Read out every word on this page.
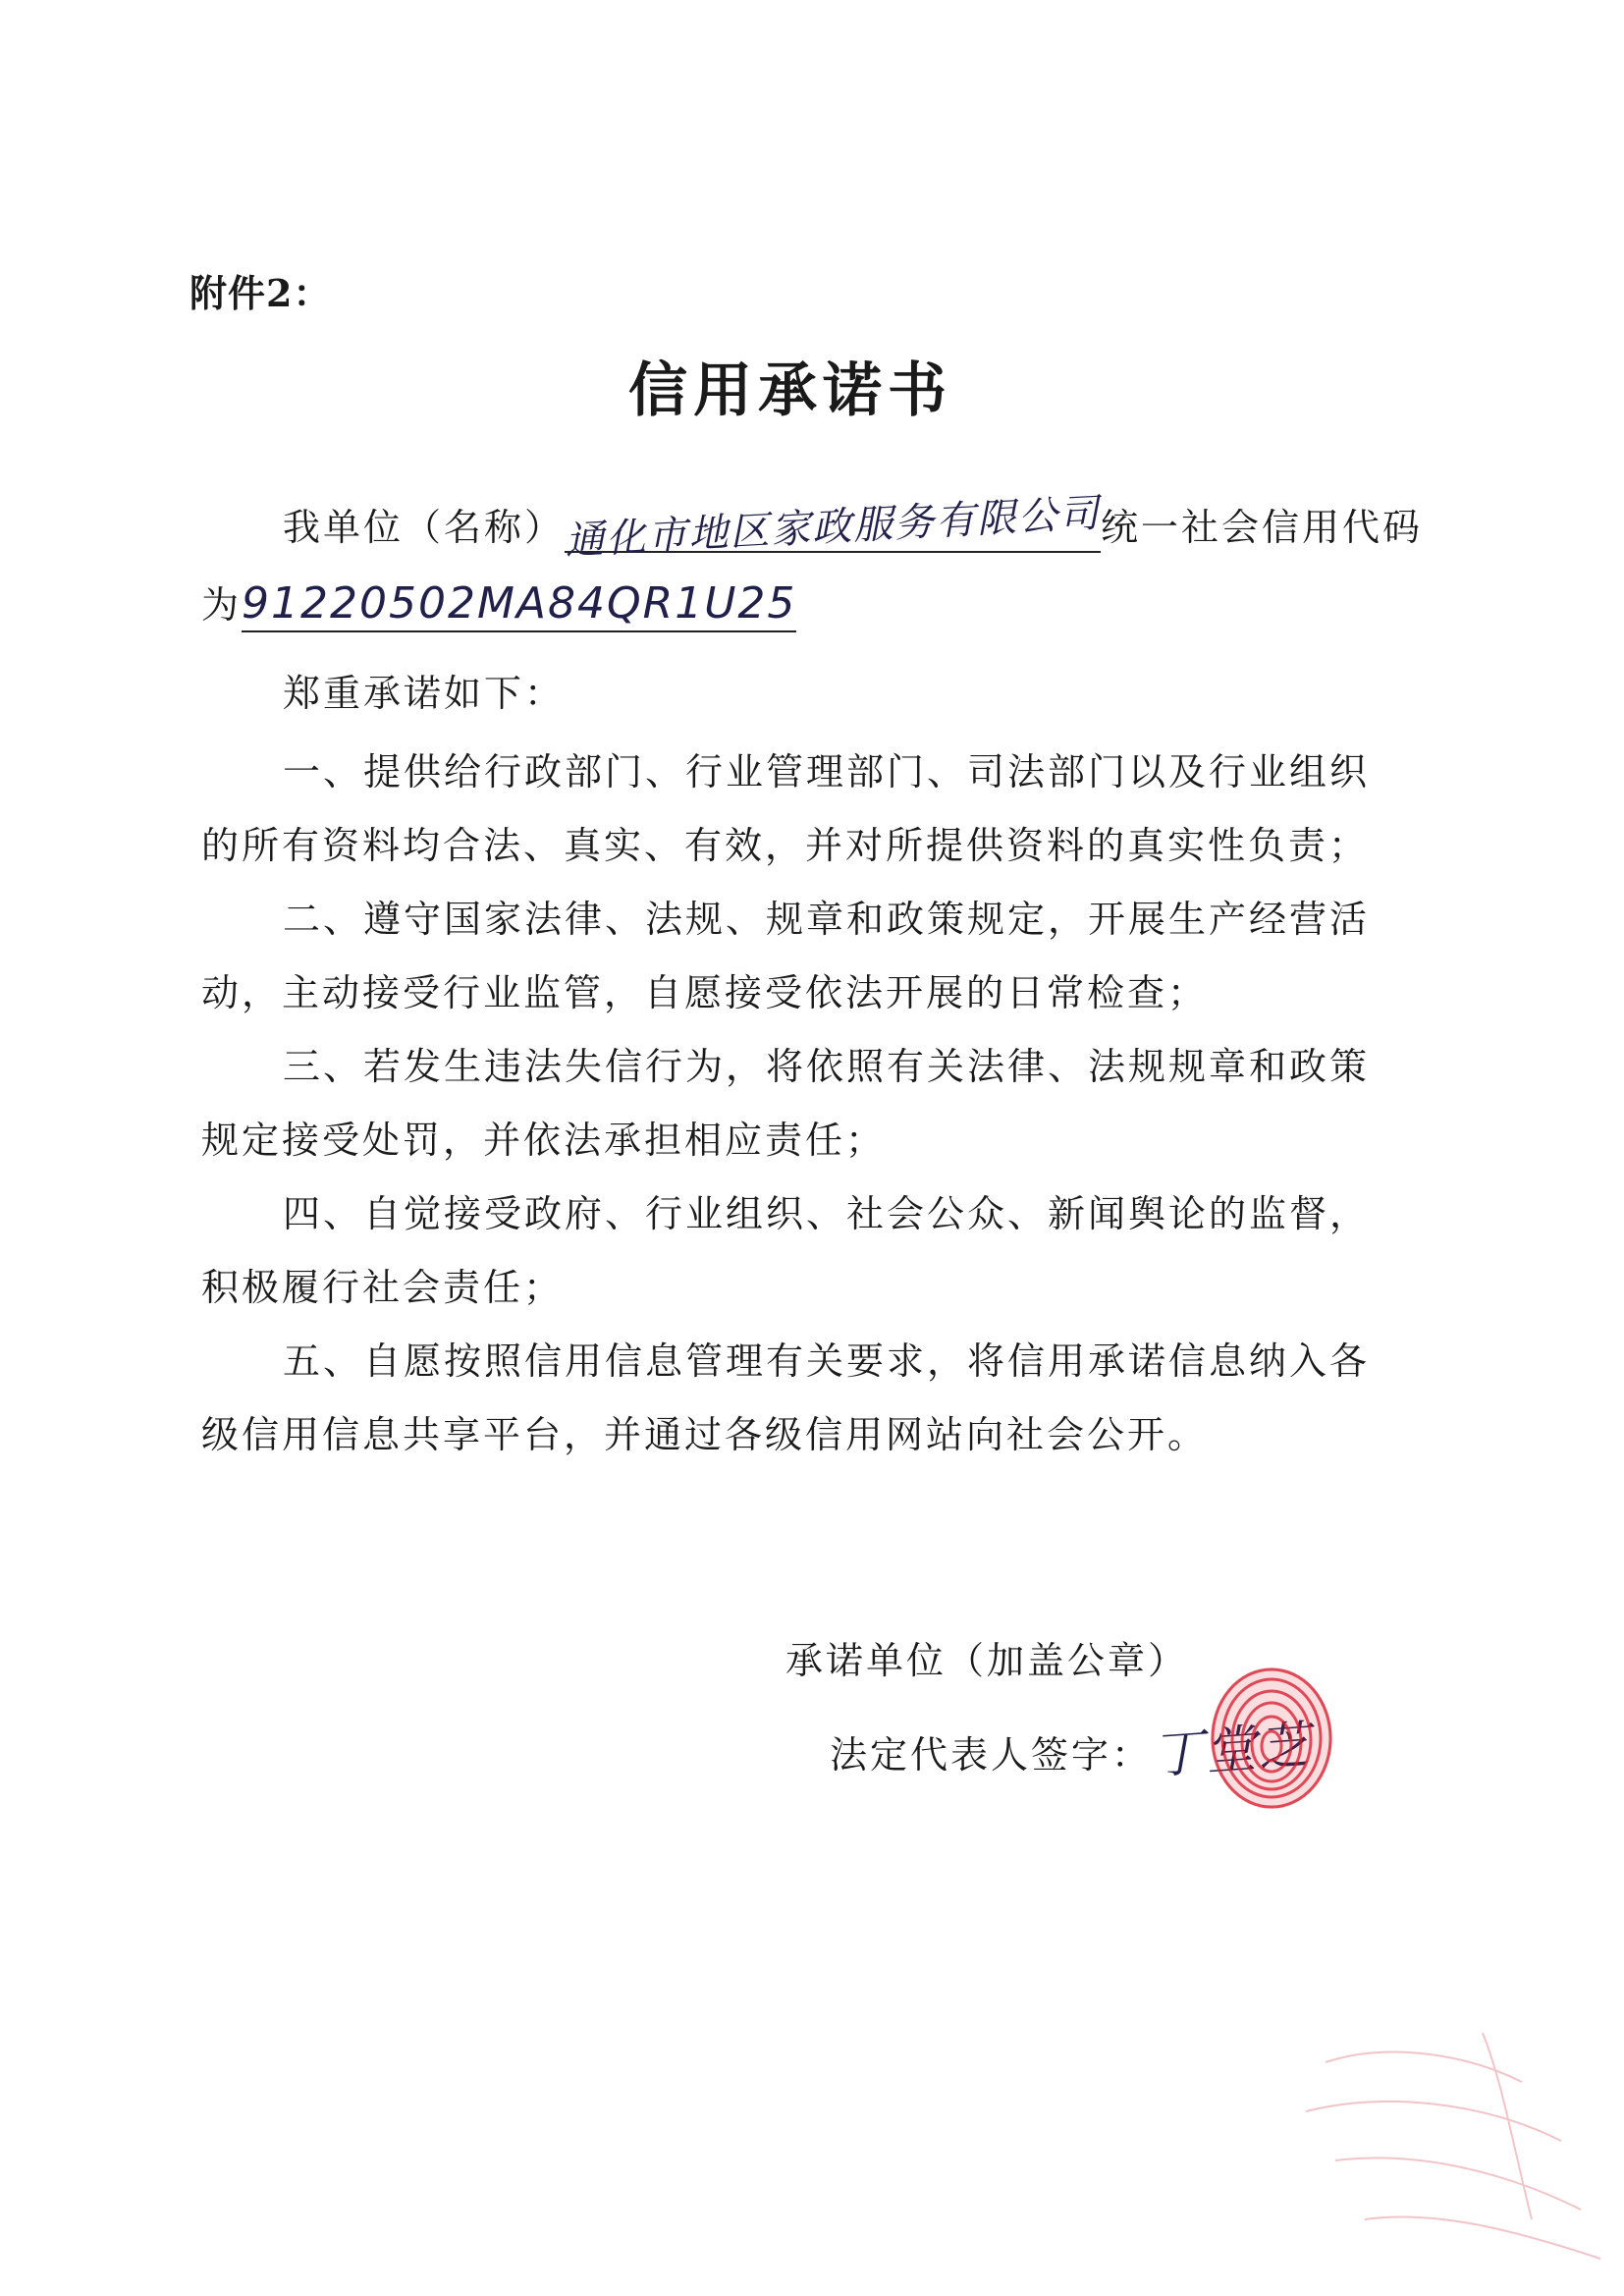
附件2：
信用承诺书
我单位（名称）通化市地区家政服务有限公司统一社会信用代码
为91220502MA84QR1U25
郑重承诺如下：
一、提供给行政部门、行业管理部门、司法部门以及行业组织
的所有资料均合法、真实、有效，并对所提供资料的真实性负责；
二、遵守国家法律、法规、规章和政策规定，开展生产经营活
动，主动接受行业监管，自愿接受依法开展的日常检查；
三、若发生违法失信行为，将依照有关法律、法规规章和政策
规定接受处罚，并依法承担相应责任；
四、自觉接受政府、行业组织、社会公众、新闻舆论的监督，
积极履行社会责任；
五、自愿按照信用信息管理有关要求，将信用承诺信息纳入各
级信用信息共享平台，并通过各级信用网站向社会公开。
承诺单位（加盖公章）
法定代表人签字：丁堂芝
